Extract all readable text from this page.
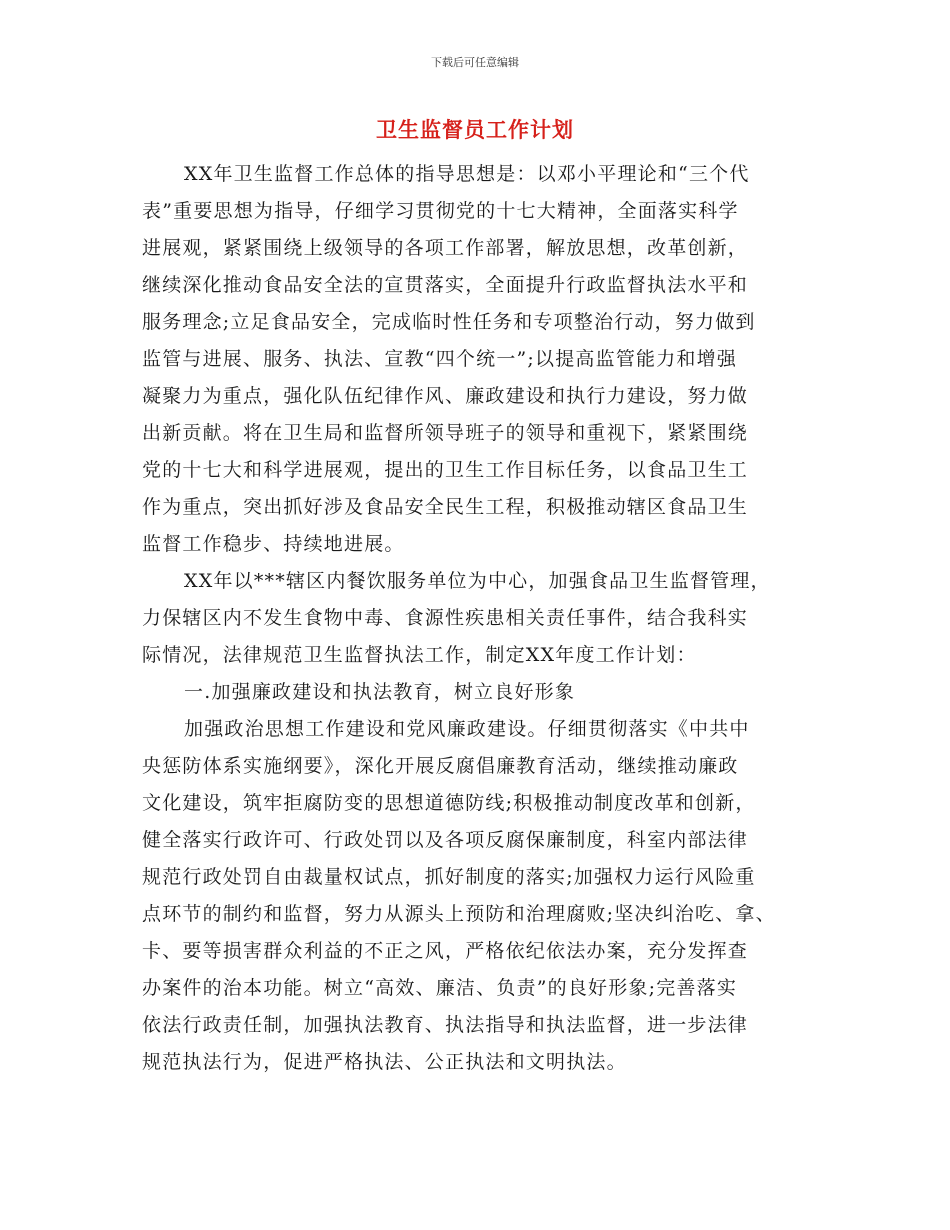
下载后可任意编辑
卫生监督员工作计划
XX年卫生监督工作总体的指导思想是：以邓小平理论和“三个代
表”重要思想为指导，仔细学习贯彻党的十七大精神，全面落实科学
进展观，紧紧围绕上级领导的各项工作部署，解放思想，改革创新，
继续深化推动食品安全法的宣贯落实，全面提升行政监督执法水平和
服务理念;立足食品安全，完成临时性任务和专项整治行动，努力做到
监管与进展、服务、执法、宣教“四个统一”;以提高监管能力和增强
凝聚力为重点，强化队伍纪律作风、廉政建设和执行力建设，努力做
出新贡献。将在卫生局和监督所领导班子的领导和重视下，紧紧围绕
党的十七大和科学进展观，提出的卫生工作目标任务，以食品卫生工
作为重点，突出抓好涉及食品安全民生工程，积极推动辖区食品卫生
监督工作稳步、持续地进展。
XX年以***辖区内餐饮服务单位为中心，加强食品卫生监督管理，
力保辖区内不发生食物中毒、食源性疾患相关责任事件，结合我科实
际情况，法律规范卫生监督执法工作，制定XX年度工作计划：
一.加强廉政建设和执法教育，树立良好形象
加强政治思想工作建设和党风廉政建设。仔细贯彻落实《中共中
央惩防体系实施纲要》，深化开展反腐倡廉教育活动，继续推动廉政
文化建设，筑牢拒腐防变的思想道德防线;积极推动制度改革和创新，
健全落实行政许可、行政处罚以及各项反腐保廉制度，科室内部法律
规范行政处罚自由裁量权试点，抓好制度的落实;加强权力运行风险重
点环节的制约和监督，努力从源头上预防和治理腐败;坚决纠治吃、拿、
卡、要等损害群众利益的不正之风，严格依纪依法办案，充分发挥查
办案件的治本功能。树立“高效、廉洁、负责”的良好形象;完善落实
依法行政责任制，加强执法教育、执法指导和执法监督，进一步法律
规范执法行为，促进严格执法、公正执法和文明执法。
